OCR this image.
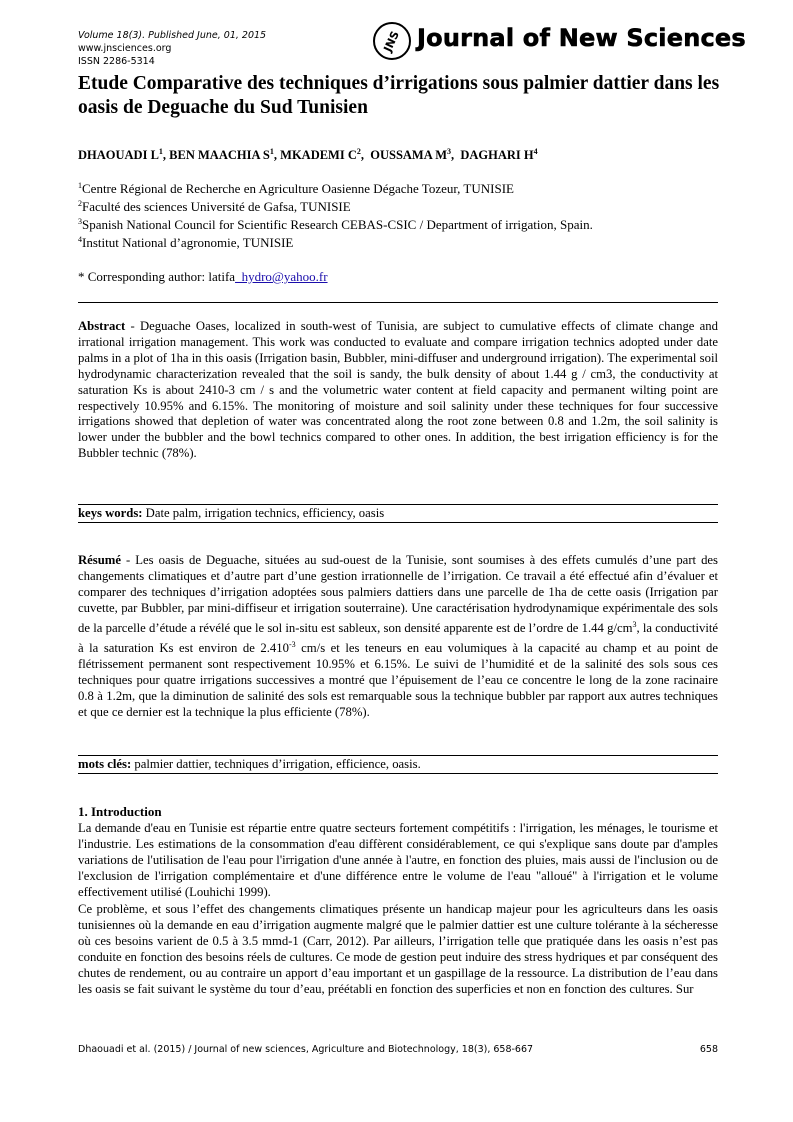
Volume 18(3). Published June, 01, 2015
www.jnsciences.org
ISSN 2286-5314
JNS Journal of New Sciences
Etude Comparative des techniques d’irrigations sous palmier dattier dans les oasis de Deguache du Sud Tunisien
DHAOUADI $L^1$, BEN MAACHIA $S^1$, MKADEMI $C^2$,  OUSSAMA $M^3$,  DAGHARI $H^4$
$^1$Centre Régional de Recherche en Agriculture Oasienne Dégache Tozeur, TUNISIE
$^2$Faculté des sciences Université de Gafsa, TUNISIE
$^3$Spanish National Council for Scientific Research CEBAS-CSIC / Department of irrigation, Spain.
$^4$Institut National d’agronomie, TUNISIE
* Corresponding author: latifa_hydro@yahoo.fr
Abstract - Deguache Oases, localized in south-west of Tunisia, are subject to cumulative effects of climate change and irrational irrigation management. This work was conducted to evaluate and compare irrigation technics adopted under date palms in a plot of 1ha in this oasis (Irrigation basin, Bubbler, mini-diffuser and underground irrigation). The experimental soil hydrodynamic characterization revealed that the soil is sandy, the bulk density of about 1.44 g / cm3, the conductivity at saturation Ks is about 2410-3 cm / s and the volumetric water content at field capacity and permanent wilting point are respectively 10.95% and 6.15%. The monitoring of moisture and soil salinity under these techniques for four successive irrigations showed that depletion of water was concentrated along the root zone between 0.8 and 1.2m, the soil salinity is lower under the bubbler and the bowl technics compared to other ones. In addition, the best irrigation efficiency is for the Bubbler technic (78%).
keys words: Date palm, irrigation technics, efficiency, oasis
Résumé - Les oasis de Deguache, situées au sud-ouest de la Tunisie, sont soumises à des effets cumulés d’une part des changements climatiques et d’autre part d’une gestion irrationnelle de l’irrigation. Ce travail a été effectué afin d’évaluer et comparer des techniques d’irrigation adoptées sous palmiers dattiers dans une parcelle de 1ha de cette oasis (Irrigation par cuvette, par Bubbler, par mini-diffiseur et irrigation souterraine). Une caractérisation hydrodynamique expérimentale des sols de la parcelle d’étude a révélé que le sol in-situ est sableux, son densité apparente est de l’ordre de 1.44 $g/cm^3$, la conductivité à la saturation Ks est environ de $2.410^{-3}$ cm/s et les teneurs en eau volumiques à la capacité au champ et au point de flétrissement permanent sont respectivement 10.95% et 6.15%. Le suivi de l’humidité et de la salinité des sols sous ces techniques pour quatre irrigations successives a montré que l’épuisement de l’eau ce concentre le long de la zone racinaire 0.8 à 1.2m, que la diminution de salinité des sols est remarquable sous la technique bubbler par rapport aux autres techniques et que ce dernier est la technique la plus efficiente (78%).
mots clés: palmier dattier, techniques d’irrigation, efficience, oasis.
1. Introduction
La demande d'eau en Tunisie est répartie entre quatre secteurs fortement compétitifs : l'irrigation, les ménages, le tourisme et l'industrie. Les estimations de la consommation d'eau diffèrent considérablement, ce qui s'explique sans doute par d'amples variations de l'utilisation de l'eau pour l'irrigation d'une année à l'autre, en fonction des pluies, mais aussi de l'inclusion ou de l'exclusion de l'irrigation complémentaire et d'une différence entre le volume de l'eau "alloué" à l'irrigation et le volume effectivement utilisé (Louhichi 1999).
Ce problème, et sous l’effet des changements climatiques présente un handicap majeur pour les agriculteurs dans les oasis tunisiennes où la demande en eau d’irrigation augmente malgré que le palmier dattier est une culture tolérante à la sécheresse où ces besoins varient de 0.5 à 3.5 mmd-1 (Carr, 2012). Par ailleurs, l’irrigation telle que pratiquée dans les oasis n’est pas conduite en fonction des besoins réels de cultures. Ce mode de gestion peut induire des stress hydriques et par conséquent des chutes de rendement, ou au contraire un apport d’eau important et un gaspillage de la ressource. La distribution de l’eau dans les oasis se fait suivant le système du tour d’eau, préétabli en fonction des superficies et non en fonction des cultures. Sur
Dhaouadi et al. (2015) / Journal of new sciences, Agriculture and Biotechnology, 18(3), 658-667	658
